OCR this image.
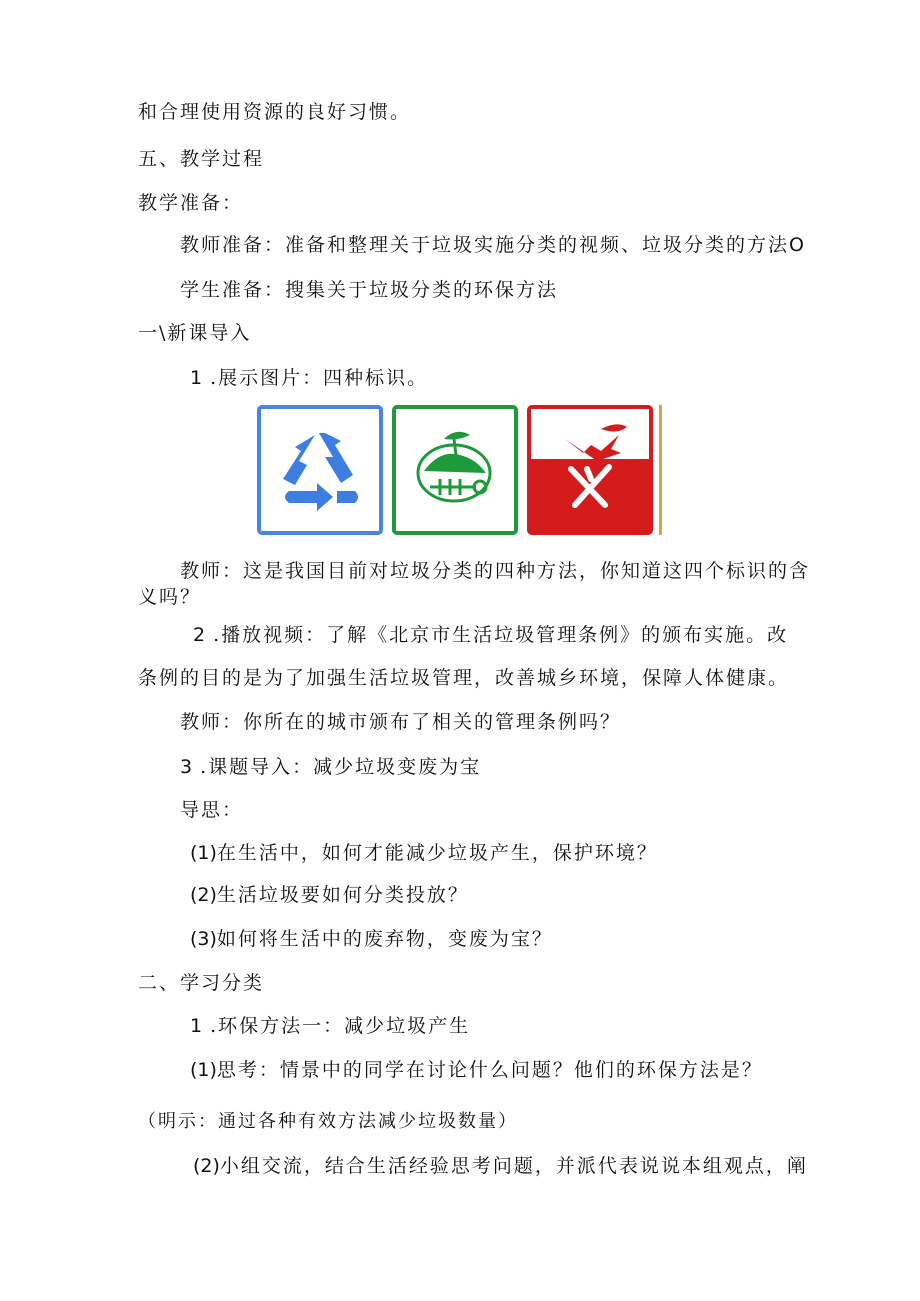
和合理使用资源的良好习惯。
五、教学过程
教学准备：
教师准备：准备和整理关于垃圾实施分类的视频、垃圾分类的方法O
学生准备：搜集关于垃圾分类的环保方法
一\新课导入
1 .展示图片：四种标识。
教师：这是我国目前对垃圾分类的四种方法，你知道这四个标识的含
义吗？
2 .播放视频：了解《北京市生活垃圾管理条例》的颁布实施。改
条例的目的是为了加强生活垃圾管理，改善城乡环境，保障人体健康。
教师：你所在的城市颁布了相关的管理条例吗？
3 .课题导入：减少垃圾变废为宝
导思：
(1)在生活中，如何才能减少垃圾产生，保护环境？
(2)生活垃圾要如何分类投放？
(3)如何将生活中的废弃物，变废为宝？
二、学习分类
1 .环保方法一：减少垃圾产生
(1)思考：情景中的同学在讨论什么问题？他们的环保方法是？
（明示：通过各种有效方法减少垃圾数量）
(2)小组交流，结合生活经验思考问题，并派代表说说本组观点，阐
